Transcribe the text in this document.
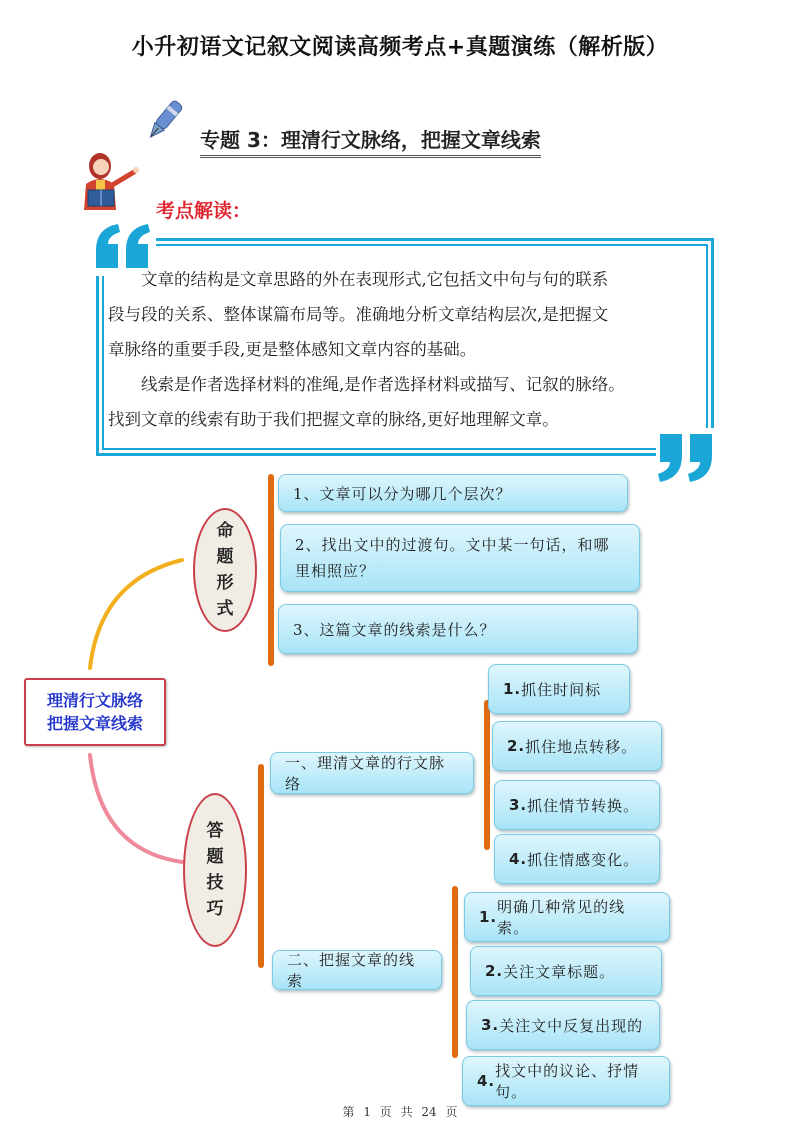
小升初语文记叙文阅读高频考点+真题演练（解析版）
专题 3：理清行文脉络，把握文章线索
考点解读：

文章的结构是文章思路的外在表现形式,它包括文中句与句的联系

段与段的关系、整体谋篇布局等。准确地分析文章结构层次,是把握文

章脉络的重要手段,更是整体感知文章内容的基础。

线索是作者选择材料的准绳,是作者选择材料或描写、记叙的脉络。

找到文章的线索有助于我们把握文章的脉络,更好地理解文章。

理清行文脉络
把握文章线索
命
题
形
式
1、文章可以分为哪几个层次？
2、找出文中的过渡句。文中某一句话，和哪里相照应？
3、这篇文章的线索是什么？
答
题
技
巧
一、理清文章的行文脉络
1. 抓住时间标
2. 抓住地点转移。
3. 抓住情节转换。
4. 抓住情感变化。
二、把握文章的线索
1.
明确几种常见的线索。
2. 关注文章标题。
3. 关注文中反复出现的
4.
找文中的议论、抒情句。
第 1 页 共 24 页
